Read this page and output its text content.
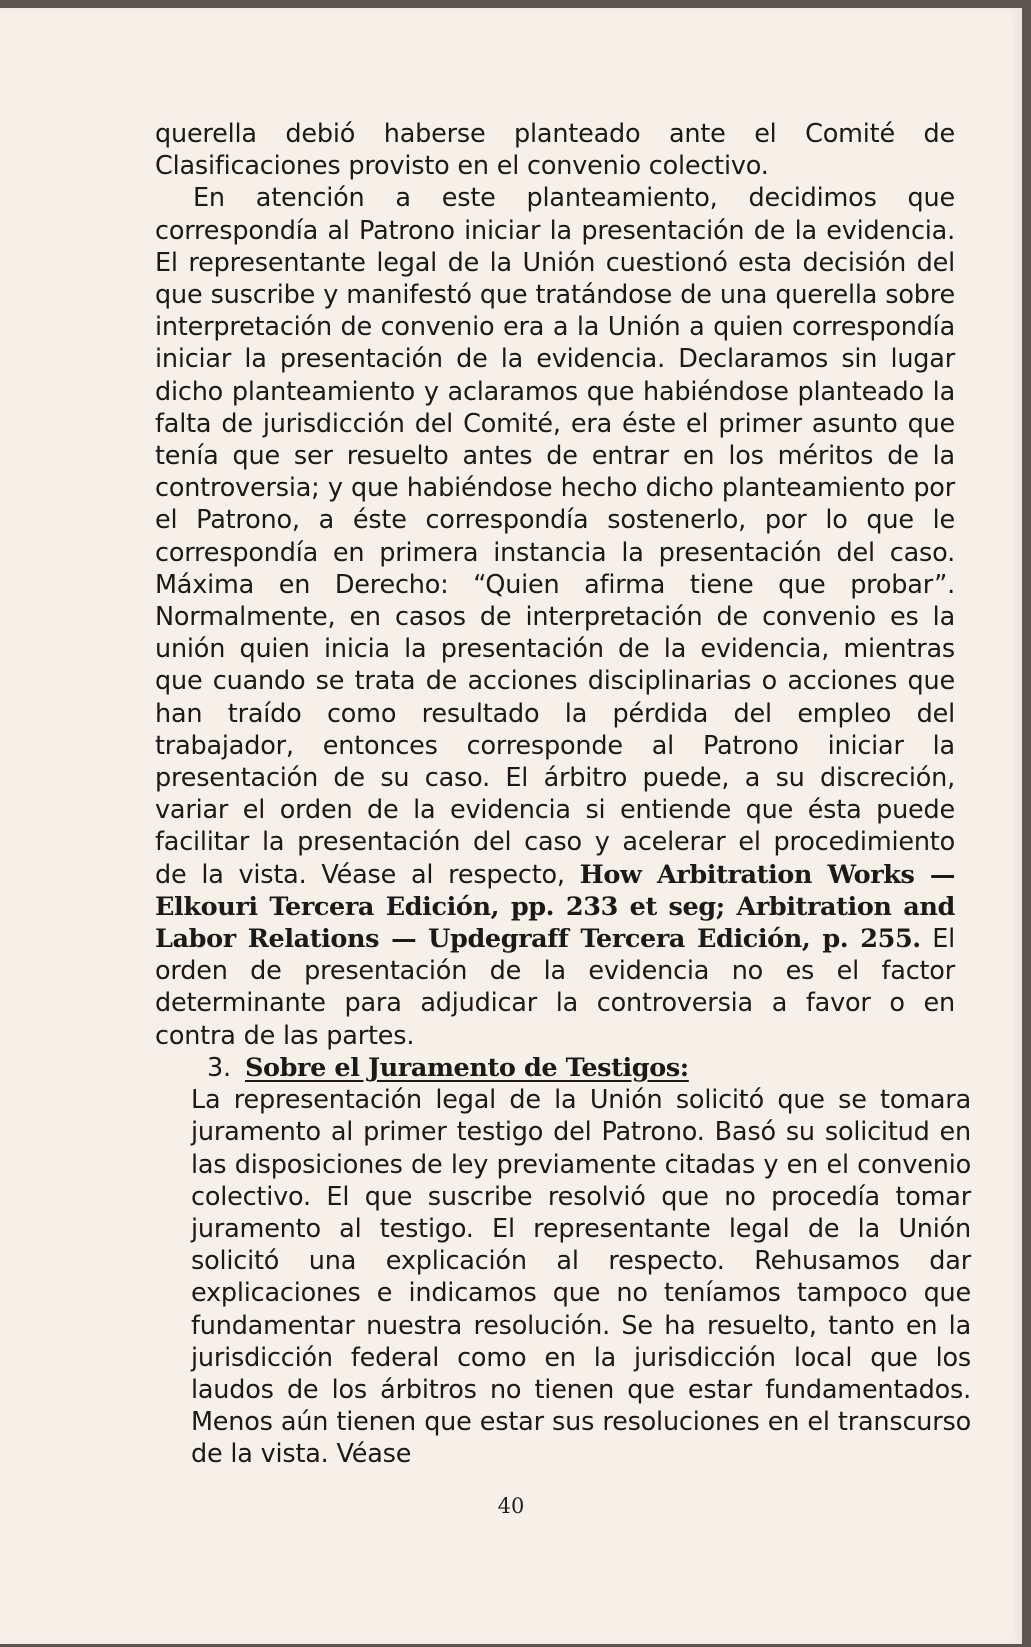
querella debió haberse planteado ante el Comité de Clasificaciones provisto en el convenio colectivo.

En atención a este planteamiento, decidimos que correspondía al Patrono iniciar la presentación de la evidencia. El representante legal de la Unión cuestionó esta decisión del que suscribe y manifestó que tratándose de una querella sobre interpretación de convenio era a la Unión a quien correspondía iniciar la presentación de la evidencia. Declaramos sin lugar dicho planteamiento y aclaramos que habiéndose planteado la falta de jurisdicción del Comité, era éste el primer asunto que tenía que ser resuelto antes de entrar en los méritos de la controversia; y que habiéndose hecho dicho planteamiento por el Patrono, a éste correspondía sostenerlo, por lo que le correspondía en primera instancia la presentación del caso. Máxima en Derecho: “Quien afirma tiene que probar”. Normalmente, en casos de interpretación de convenio es la unión quien inicia la presentación de la evidencia, mientras que cuando se trata de acciones disciplinarias o acciones que han traído como resultado la pérdida del empleo del trabajador, entonces corresponde al Patrono iniciar la presentación de su caso. El árbitro puede, a su discreción, variar el orden de la evidencia si entiende que ésta puede facilitar la presentación del caso y acelerar el procedimiento de la vista. Véase al respecto, How Arbitration Works — Elkouri Tercera Edición, pp. 233 et seg; Arbitration and Labor Relations — Updegraff Tercera Edición, p. 255. El orden de presentación de la evidencia no es el factor determinante para adjudicar la controversia a favor o en contra de las partes.

3. Sobre el Juramento de Testigos:

La representación legal de la Unión solicitó que se tomara juramento al primer testigo del Patrono. Basó su solicitud en las disposiciones de ley previamente citadas y en el convenio colectivo. El que suscribe resolvió que no procedía tomar juramento al testigo. El representante legal de la Unión solicitó una explicación al respecto. Rehusamos dar explicaciones e indicamos que no teníamos tampoco que fundamentar nuestra resolución. Se ha resuelto, tanto en la jurisdicción federal como en la jurisdicción local que los laudos de los árbitros no tienen que estar fundamentados. Menos aún tienen que estar sus resoluciones en el transcurso de la vista. Véase

40
